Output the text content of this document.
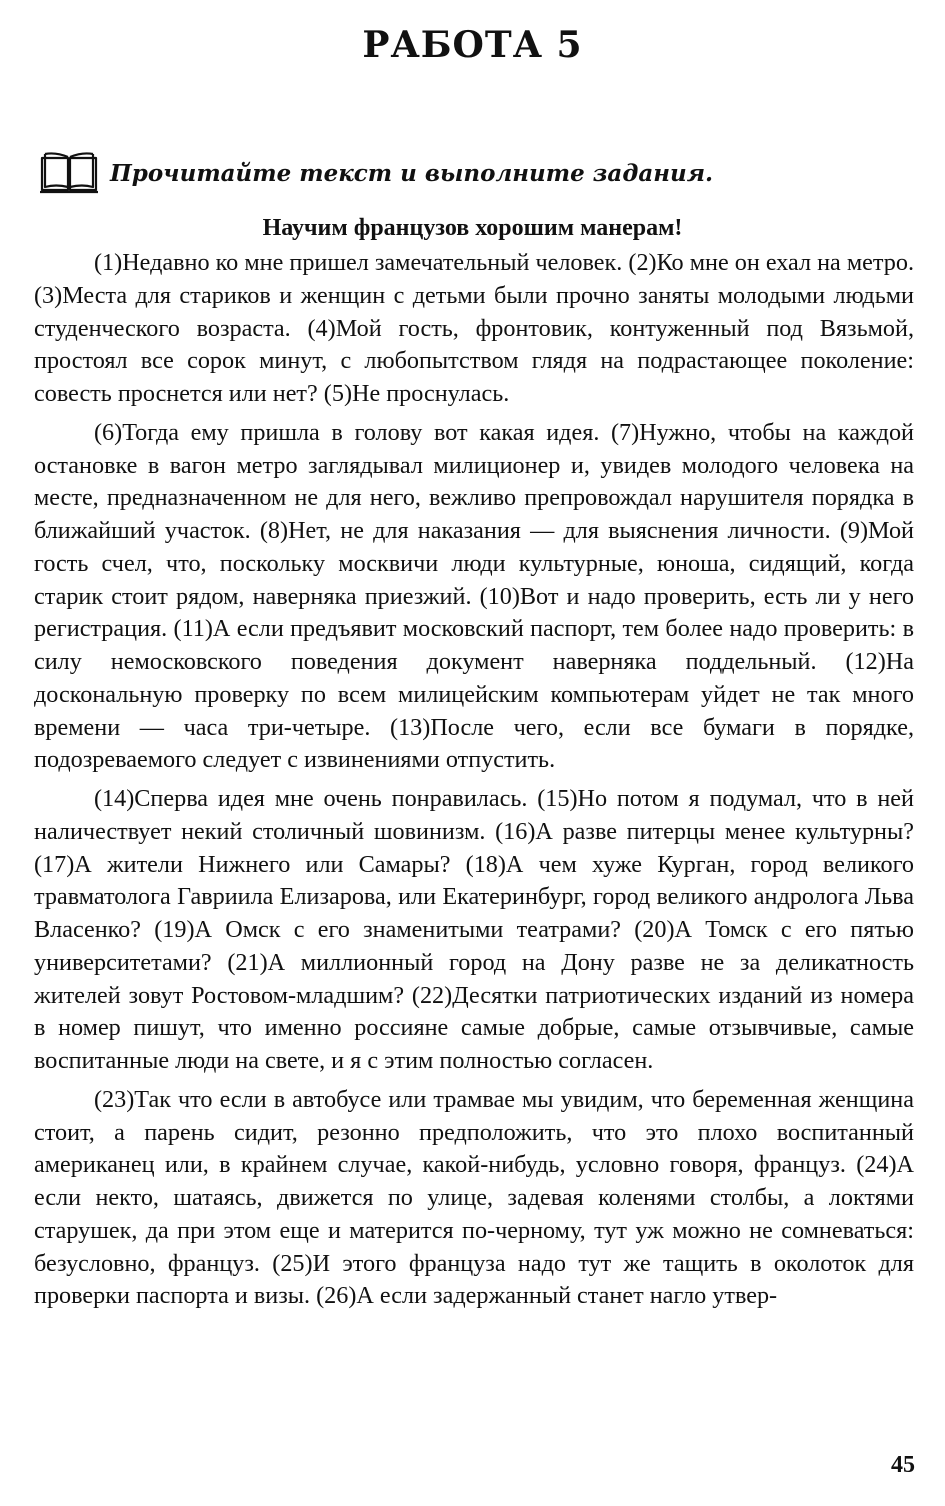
РАБОТА 5
Прочитайте текст и выполните задания.
Научим французов хорошим манерам!

(1)Недавно ко мне пришел замечательный человек. (2)Ко мне он ехал на метро. (3)Места для стариков и женщин с детьми были прочно заняты молодыми людьми студенческого возраста. (4)Мой гость, фронтовик, контуженный под Вязьмой, простоял все сорок минут, с любопытством глядя на подрастающее поколение: совесть проснется или нет? (5)Не проснулась.

(6)Тогда ему пришла в голову вот какая идея. (7)Нужно, чтобы на каждой остановке в вагон метро заглядывал милиционер и, увидев молодого человека на месте, предназначенном не для него, вежливо препровождал нарушителя порядка в ближайший участок. (8)Нет, не для наказания — для выяснения личности. (9)Мой гость счел, что, поскольку москвичи люди культурные, юноша, сидящий, когда старик стоит рядом, наверняка приезжий. (10)Вот и надо проверить, есть ли у него регистрация. (11)А если предъявит московский паспорт, тем более надо проверить: в силу немосковского поведения документ наверняка поддельный. (12)На доскональную проверку по всем милицейским компьютерам уйдет не так много времени — часа три-четыре. (13)После чего, если все бумаги в порядке, подозреваемого следует с извинениями отпустить.

(14)Сперва идея мне очень понравилась. (15)Но потом я подумал, что в ней наличествует некий столичный шовинизм. (16)А разве питерцы менее культурны? (17)А жители Нижнего или Самары? (18)А чем хуже Курган, город великого травматолога Гавриила Елизарова, или Екатеринбург, город великого андролога Льва Власенко? (19)А Омск с его знаменитыми театрами? (20)А Томск с его пятью университетами? (21)А миллионный город на Дону разве не за деликатность жителей зовут Ростовом-младшим? (22)Десятки патриотических изданий из номера в номер пишут, что именно россияне самые добрые, самые отзывчивые, самые воспитанные люди на свете, и я с этим полностью согласен.

(23)Так что если в автобусе или трамвае мы увидим, что беременная женщина стоит, а парень сидит, резонно предположить, что это плохо воспитанный американец или, в крайнем случае, какой-нибудь, условно говоря, француз. (24)А если некто, шатаясь, движется по улице, задевая коленями столбы, а локтями старушек, да при этом еще и матерится по-черному, тут уж можно не сомневаться: безусловно, француз. (25)И этого француза надо тут же тащить в околоток для проверки паспорта и визы. (26)А если задержанный станет нагло утвер-

45
